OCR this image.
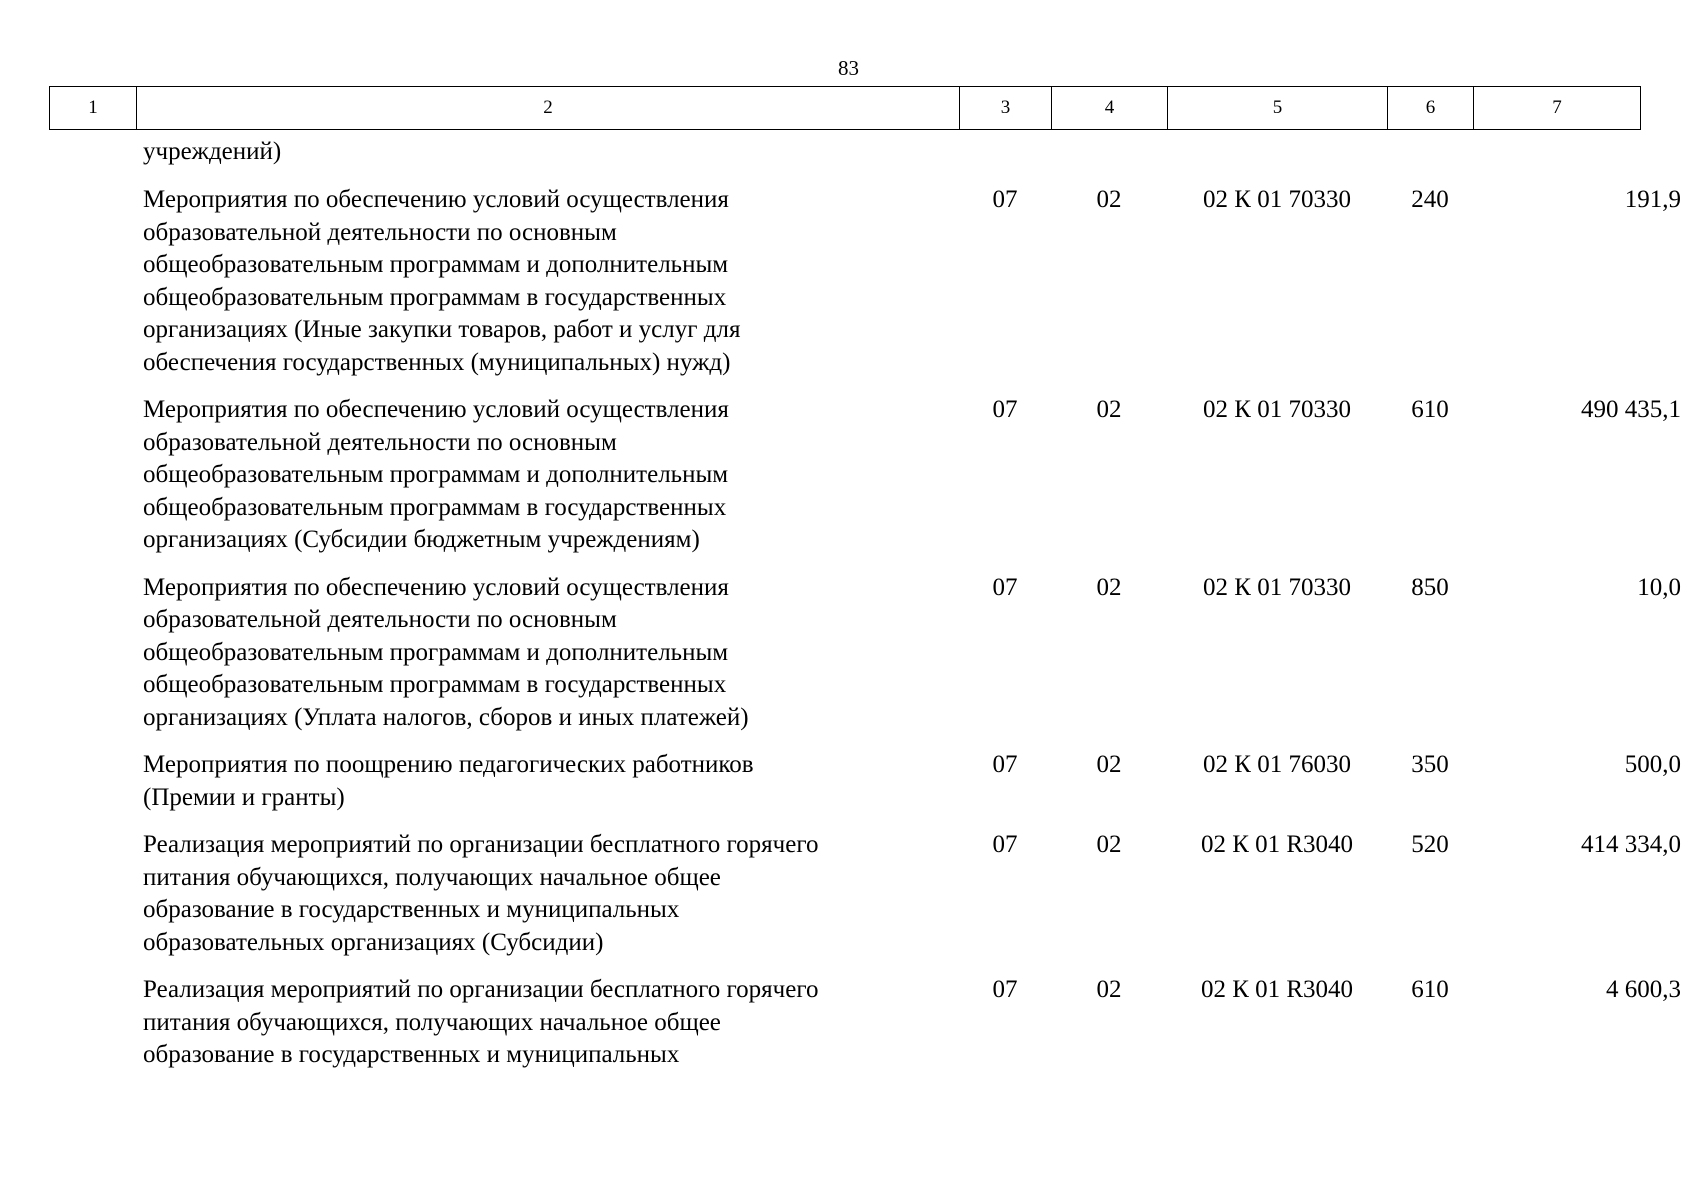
83
1	2	3	4	5	6	7
учреждений)
Мероприятия по обеспечению условий осуществления
образовательной деятельности по основным
общеобразовательным программам и дополнительным
общеобразовательным программам в государственных
организациях (Иные закупки товаров, работ и услуг для
обеспечения государственных (муниципальных) нужд)
07	02	02 К 01 70330	240	191,9
Мероприятия по обеспечению условий осуществления
образовательной деятельности по основным
общеобразовательным программам и дополнительным
общеобразовательным программам в государственных
организациях (Субсидии бюджетным учреждениям)
07	02	02 К 01 70330	610	490 435,1
Мероприятия по обеспечению условий осуществления
образовательной деятельности по основным
общеобразовательным программам и дополнительным
общеобразовательным программам в государственных
организациях (Уплата налогов, сборов и иных платежей)
07	02	02 К 01 70330	850	10,0
Мероприятия по поощрению педагогических работников
(Премии и гранты)
07	02	02 К 01 76030	350	500,0
Реализация мероприятий по организации бесплатного горячего
питания обучающихся, получающих начальное общее
образование в государственных и муниципальных
образовательных организациях (Субсидии)
07	02	02 К 01 R3040	520	414 334,0
Реализация мероприятий по организации бесплатного горячего
питания обучающихся, получающих начальное общее
образование в государственных и муниципальных
07	02	02 К 01 R3040	610	4 600,3
